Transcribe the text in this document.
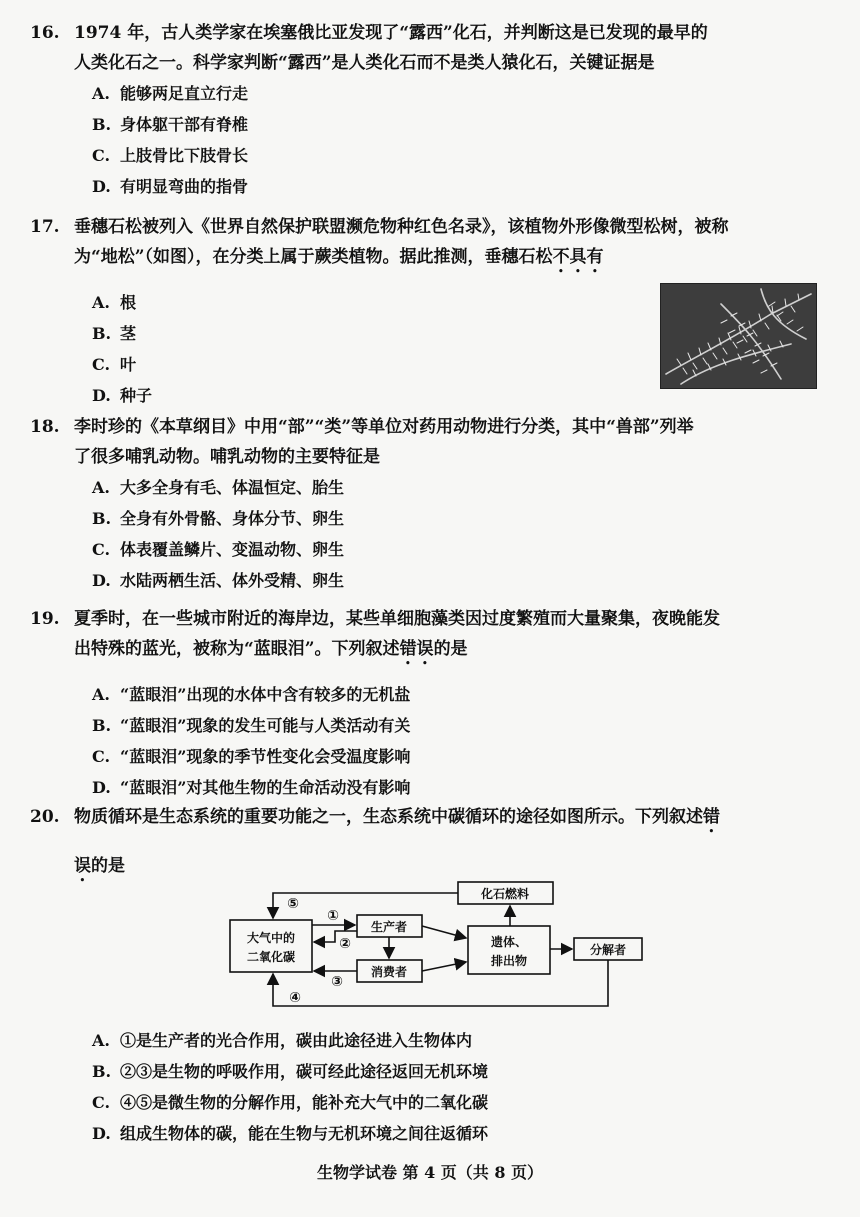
16. 1974 年，古人类学家在埃塞俄比亚发现了“露西”化石，并判断这是已发现的最早的
人类化石之一。科学家判断“露西”是人类化石而不是类人猿化石，关键证据是
A. 能够两足直立行走
B. 身体躯干部有脊椎
C. 上肢骨比下肢骨长
D. 有明显弯曲的指骨
17. 垂穗石松被列入《世界自然保护联盟濒危物种红色名录》，该植物外形像微型松树，被称
为“地松”（如图），在分类上属于蕨类植物。据此推测，垂穗石松不具有
A. 根
B. 茎
C. 叶
D. 种子
18. 李时珍的《本草纲目》中用“部”“类”等单位对药用动物进行分类，其中“兽部”列举
了很多哺乳动物。哺乳动物的主要特征是
A. 大多全身有毛、体温恒定、胎生
B. 全身有外骨骼、身体分节、卵生
C. 体表覆盖鳞片、变温动物、卵生
D. 水陆两栖生活、体外受精、卵生
19. 夏季时，在一些城市附近的海岸边，某些单细胞藻类因过度繁殖而大量聚集，夜晚能发
出特殊的蓝光，被称为“蓝眼泪”。下列叙述错误的是
A. “蓝眼泪”出现的水体中含有较多的无机盐
B. “蓝眼泪”现象的发生可能与人类活动有关
C. “蓝眼泪”现象的季节性变化会受温度影响
D. “蓝眼泪”对其他生物的生命活动没有影响
20. 物质循环是生态系统的重要功能之一，生态系统中碳循环的途径如图所示。下列叙述错
误的是
大气中的
二氧化碳
生产者
消费者
遗体、
排出物
分解者
化石燃料
①
②
③
④
⑤
A. ①是生产者的光合作用，碳由此途径进入生物体内
B. ②③是生物的呼吸作用，碳可经此途径返回无机环境
C. ④⑤是微生物的分解作用，能补充大气中的二氧化碳
D. 组成生物体的碳，能在生物与无机环境之间往返循环
生物学试卷 第 4 页（共 8 页）
